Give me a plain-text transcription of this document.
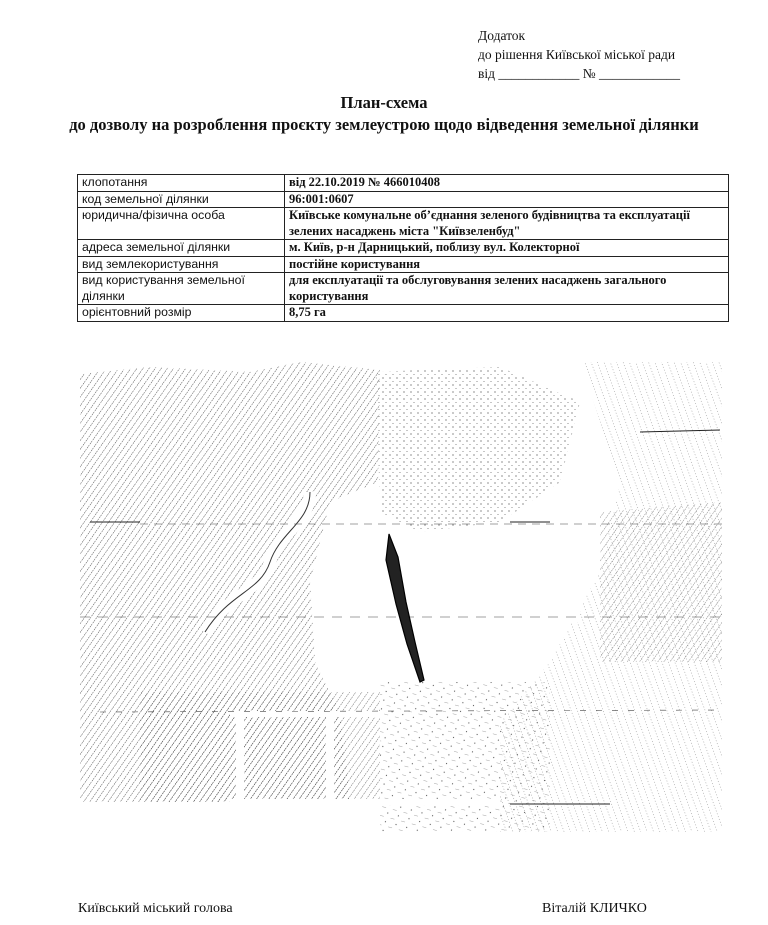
Додаток
до рішення Київської міської ради
від ____________ № ____________
План-схема
до дозволу на розроблення проєкту землеустрою щодо відведення земельної ділянки
клопотання	від 22.10.2019 № 466010408
код земельної ділянки	96:001:0607
юридична/фізична особа	Київське комунальне об’єднання зеленого будівництва та експлуатації зелених насаджень міста "Київзеленбуд"
адреса земельної ділянки	м. Київ, р-н Дарницький, поблизу вул. Колекторної
вид землекористування	постійне користування
вид користування земельної ділянки	для експлуатації та обслуговування зелених насаджень загального користування
орієнтовний розмір	8,75 га
Київський міський голова	Віталій КЛИЧКО
